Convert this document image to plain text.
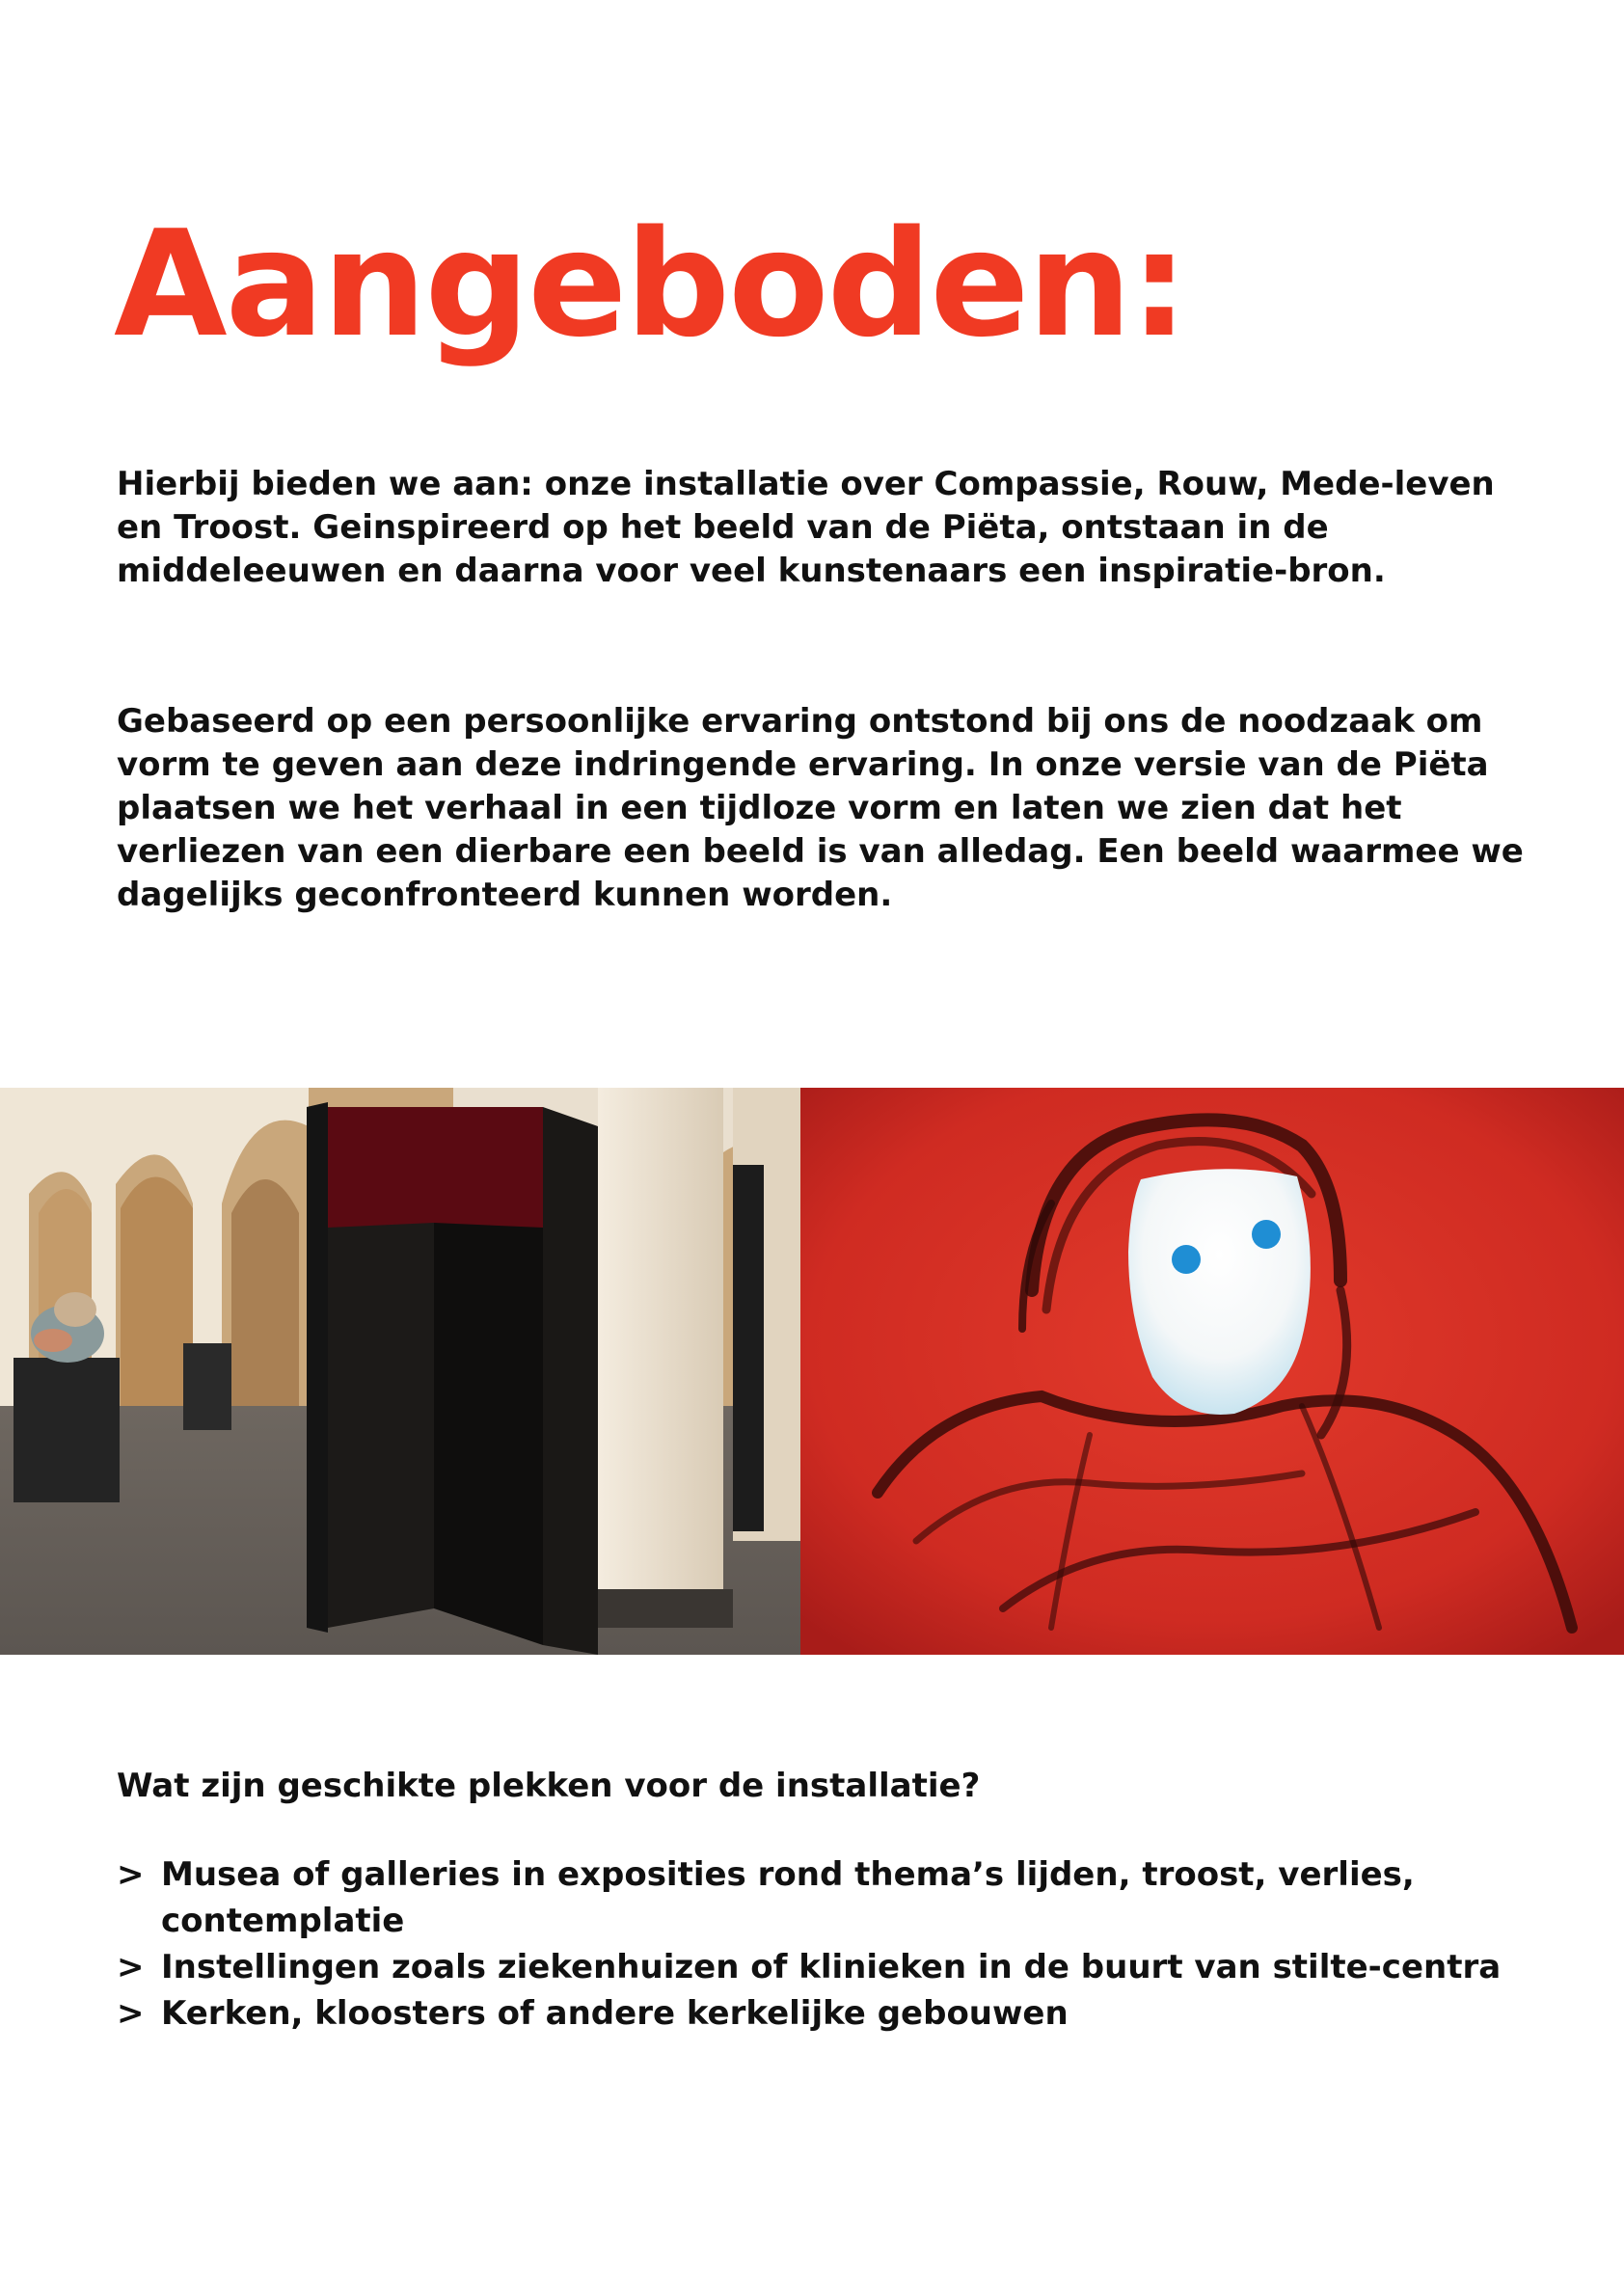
Aangeboden:

Hierbij bieden we aan: onze installatie over Compassie, Rouw, Mede-leven en Troost. Geinspireerd op het beeld van de Piëta, ontstaan in de middeleeuwen en daarna voor veel kunstenaars een inspiratie-bron.

Gebaseerd op een persoonlijke ervaring ontstond bij ons de noodzaak om vorm te geven aan deze indringende ervaring. In onze versie van de Piëta plaatsen we het verhaal in een tijdloze vorm en laten we zien dat het verliezen van een dierbare een beeld is van alledag. Een beeld waarmee we dagelijks geconfronteerd kunnen worden.

Wat zijn geschikte plekken voor de installatie?

> Musea of galleries in exposities rond thema’s lijden, troost, verlies, contemplatie
> Instellingen zoals ziekenhuizen of klinieken in de buurt van stilte-centra
> Kerken, kloosters of andere kerkelijke gebouwen
